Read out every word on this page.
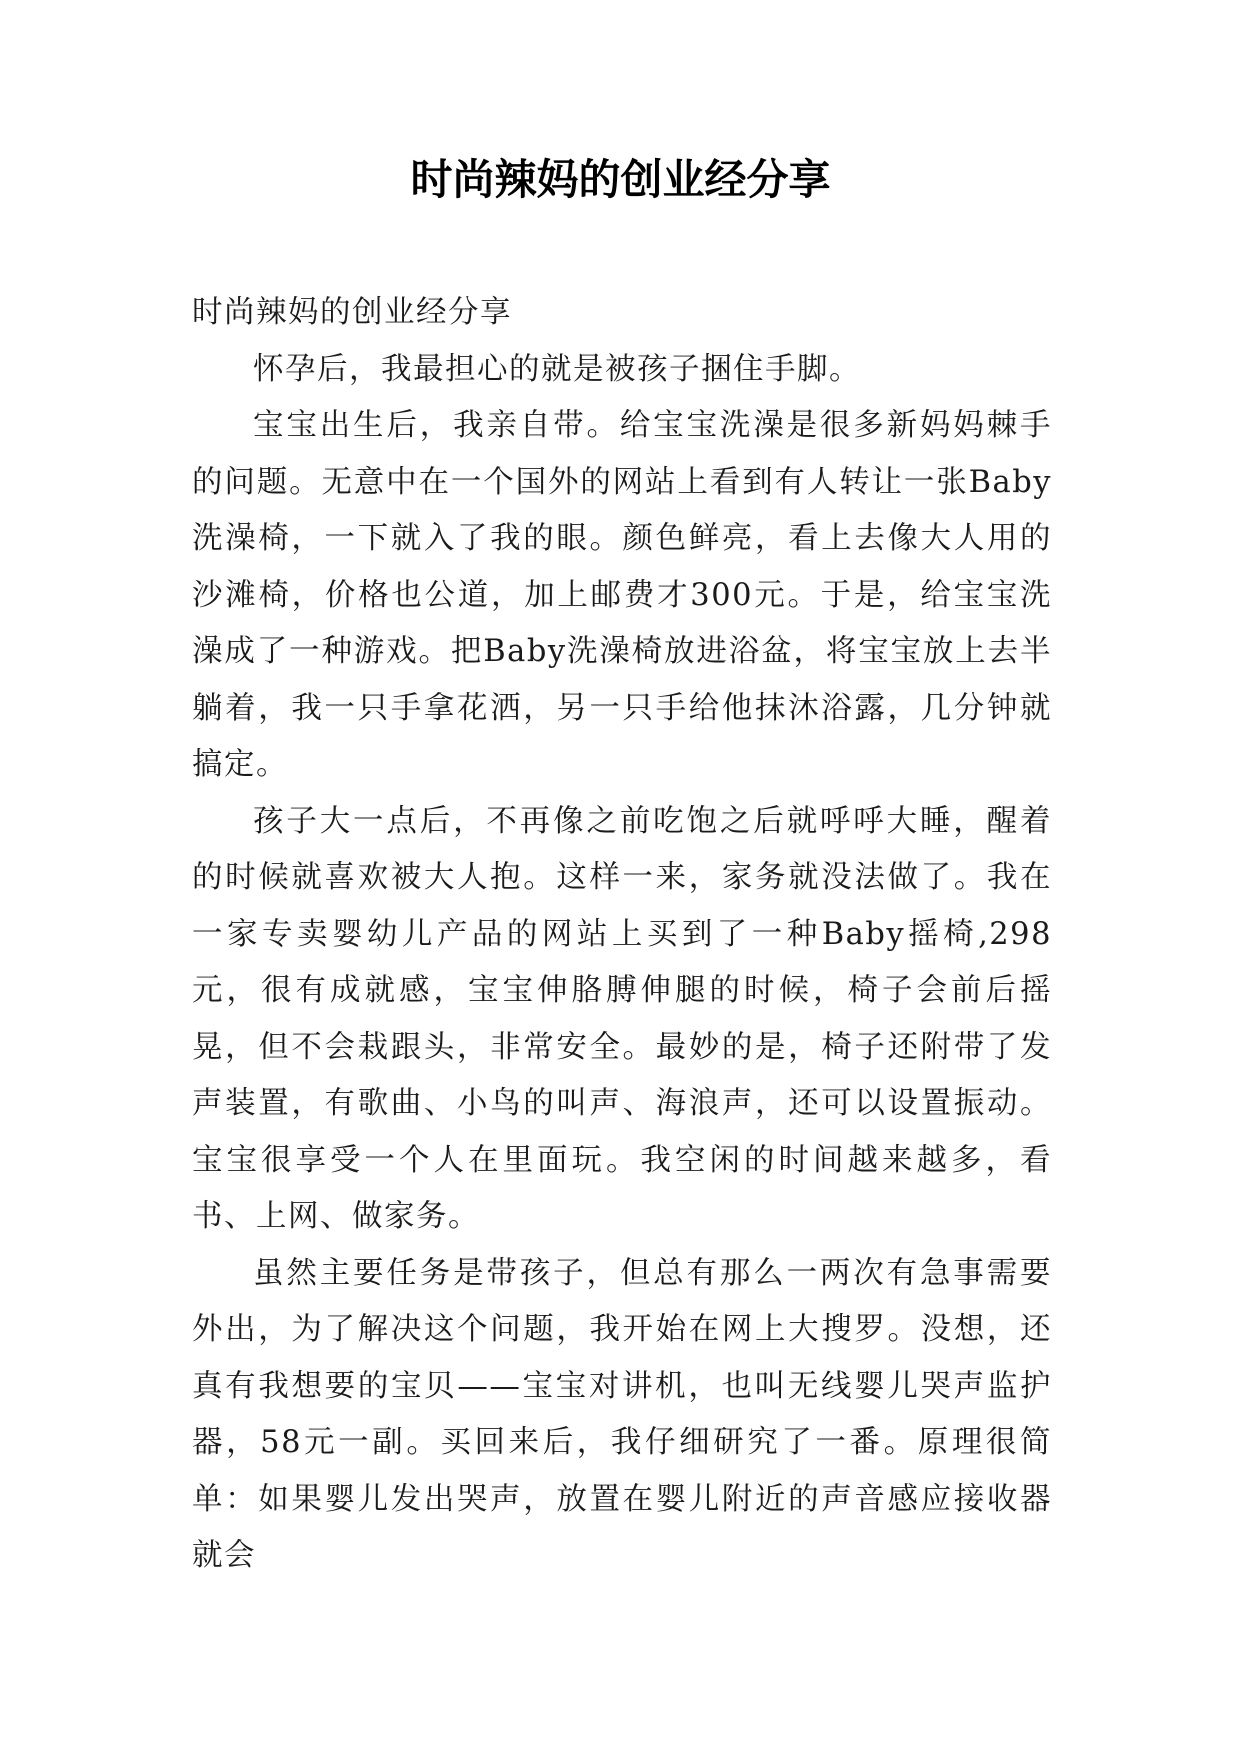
时尚辣妈的创业经分享

时尚辣妈的创业经分享

怀孕后，我最担心的就是被孩子捆住手脚。

宝宝出生后，我亲自带。给宝宝洗澡是很多新妈妈棘手的问题。无意中在一个国外的网站上看到有人转让一张Baby洗澡椅，一下就入了我的眼。颜色鲜亮，看上去像大人用的沙滩椅，价格也公道，加上邮费才300元。于是，给宝宝洗澡成了一种游戏。把Baby洗澡椅放进浴盆，将宝宝放上去半躺着，我一只手拿花洒，另一只手给他抹沐浴露，几分钟就搞定。

孩子大一点后，不再像之前吃饱之后就呼呼大睡，醒着的时候就喜欢被大人抱。这样一来，家务就没法做了。我在一家专卖婴幼儿产品的网站上买到了一种Baby摇椅,298元，很有成就感，宝宝伸胳膊伸腿的时候，椅子会前后摇晃，但不会栽跟头，非常安全。最妙的是，椅子还附带了发声装置，有歌曲、小鸟的叫声、海浪声，还可以设置振动。宝宝很享受一个人在里面玩。我空闲的时间越来越多，看书、上网、做家务。

虽然主要任务是带孩子，但总有那么一两次有急事需要外出，为了解决这个问题，我开始在网上大搜罗。没想，还真有我想要的宝贝——宝宝对讲机，也叫无线婴儿哭声监护器，58元一副。买回来后，我仔细研究了一番。原理很简单：如果婴儿发出哭声，放置在婴儿附近的声音感应接收器就会
